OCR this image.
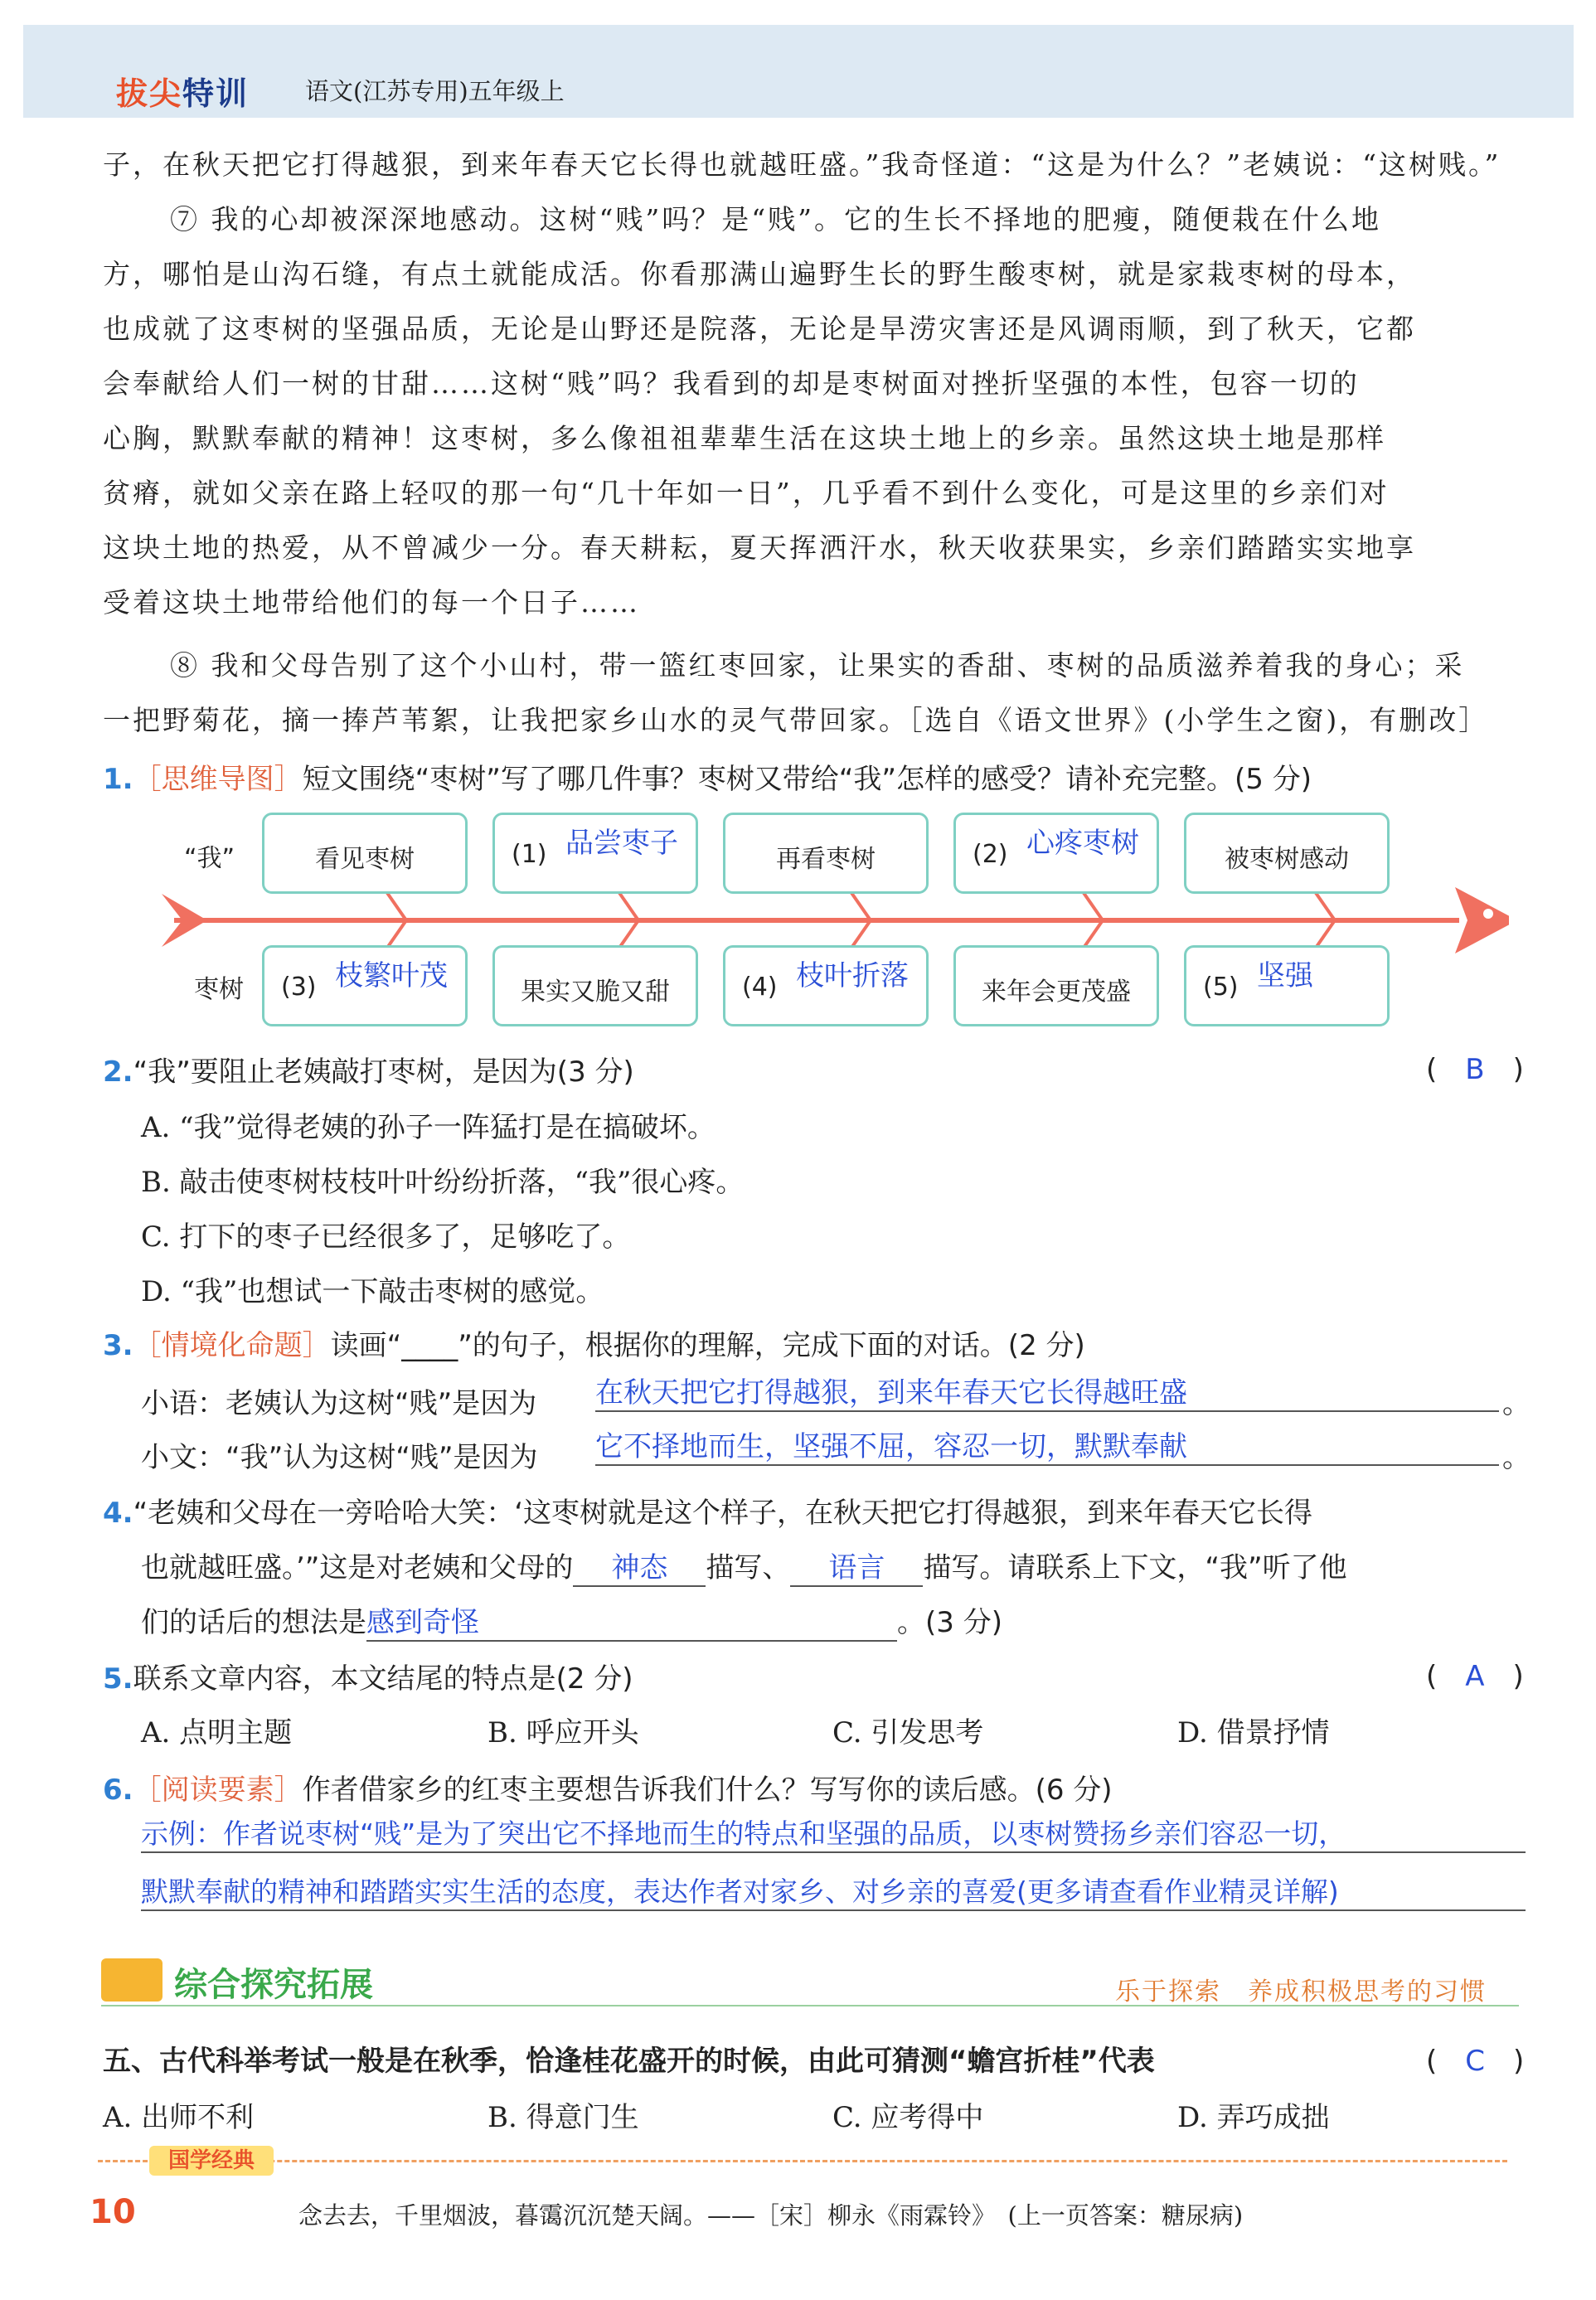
拔尖特训 语文(江苏专用)五年级上
子，在秋天把它打得越狠，到来年春天它长得也就越旺盛。”我奇怪道：“这是为什么？”老姨说：“这树贱。”
⑦ 我的心却被深深地感动。这树“贱”吗？是“贱”。它的生长不择地的肥瘦，随便栽在什么地
方，哪怕是山沟石缝，有点土就能成活。你看那满山遍野生长的野生酸枣树，就是家栽枣树的母本，
也成就了这枣树的坚强品质，无论是山野还是院落，无论是旱涝灾害还是风调雨顺，到了秋天，它都
会奉献给人们一树的甘甜……这树“贱”吗？我看到的却是枣树面对挫折坚强的本性，包容一切的
心胸，默默奉献的精神！这枣树，多么像祖祖辈辈生活在这块土地上的乡亲。虽然这块土地是那样
贫瘠，就如父亲在路上轻叹的那一句“几十年如一日”，几乎看不到什么变化，可是这里的乡亲们对
这块土地的热爱，从不曾减少一分。春天耕耘，夏天挥洒汗水，秋天收获果实，乡亲们踏踏实实地享
受着这块土地带给他们的每一个日子……
⑧ 我和父母告别了这个小山村，带一篮红枣回家，让果实的香甜、枣树的品质滋养着我的身心；采
一把野菊花，摘一捧芦苇絮，让我把家乡山水的灵气带回家。［选自《语文世界》(小学生之窗)，有删改］
1.［思维导图］短文围绕“枣树”写了哪几件事？枣树又带给“我”怎样的感受？请补充完整。(5 分)
“我”
枣树
看见枣树	(1) 品尝枣子	再看枣树	(2) 心疼枣树	被枣树感动
(3) 枝繁叶茂	果实又脆又甜	(4) 枝叶折落	来年会更茂盛	(5) 坚强
2.“我”要阻止老姨敲打枣树，是因为(3 分)	(　B　)
A. “我”觉得老姨的孙子一阵猛打是在搞破坏。
B. 敲击使枣树枝枝叶叶纷纷折落，“我”很心疼。
C. 打下的枣子已经很多了，足够吃了。
D. “我”也想试一下敲击枣树的感觉。
3.［情境化命题］读画“____”的句子，根据你的理解，完成下面的对话。(2 分)
小语：老姨认为这树“贱”是因为 在秋天把它打得越狠，到来年春天它长得越旺盛	。
小文：“我”认为这树“贱”是因为 它不择地而生，坚强不屈，容忍一切，默默奉献	。
4.“老姨和父母在一旁哈哈大笑：‘这枣树就是这个样子，在秋天把它打得越狠，到来年春天它长得
也就越旺盛。’”这是对老姨和父母的 神态 描写、 语言 描写。请联系上下文，“我”听了他
们的话后的想法是感到奇怪	。(3 分)
5.联系文章内容，本文结尾的特点是(2 分)	(　A　)
A. 点明主题	B. 呼应开头	C. 引发思考	D. 借景抒情
6.［阅读要素］作者借家乡的红枣主要想告诉我们什么？写写你的读后感。(6 分)
示例：作者说枣树“贱”是为了突出它不择地而生的特点和坚强的品质，以枣树赞扬乡亲们容忍一切，
默默奉献的精神和踏踏实实生活的态度，表达作者对家乡、对乡亲的喜爱(更多请查看作业精灵详解)
综合探究拓展	乐于探索　养成积极思考的习惯
五、古代科举考试一般是在秋季，恰逢桂花盛开的时候，由此可猜测“蟾宫折桂”代表	(　C　)
A. 出师不利	B. 得意门生	C. 应考得中	D. 弄巧成拙
国学经典
10	念去去，千里烟波，暮霭沉沉楚天阔。——［宋］柳永《雨霖铃》　(上一页答案：糖尿病)
